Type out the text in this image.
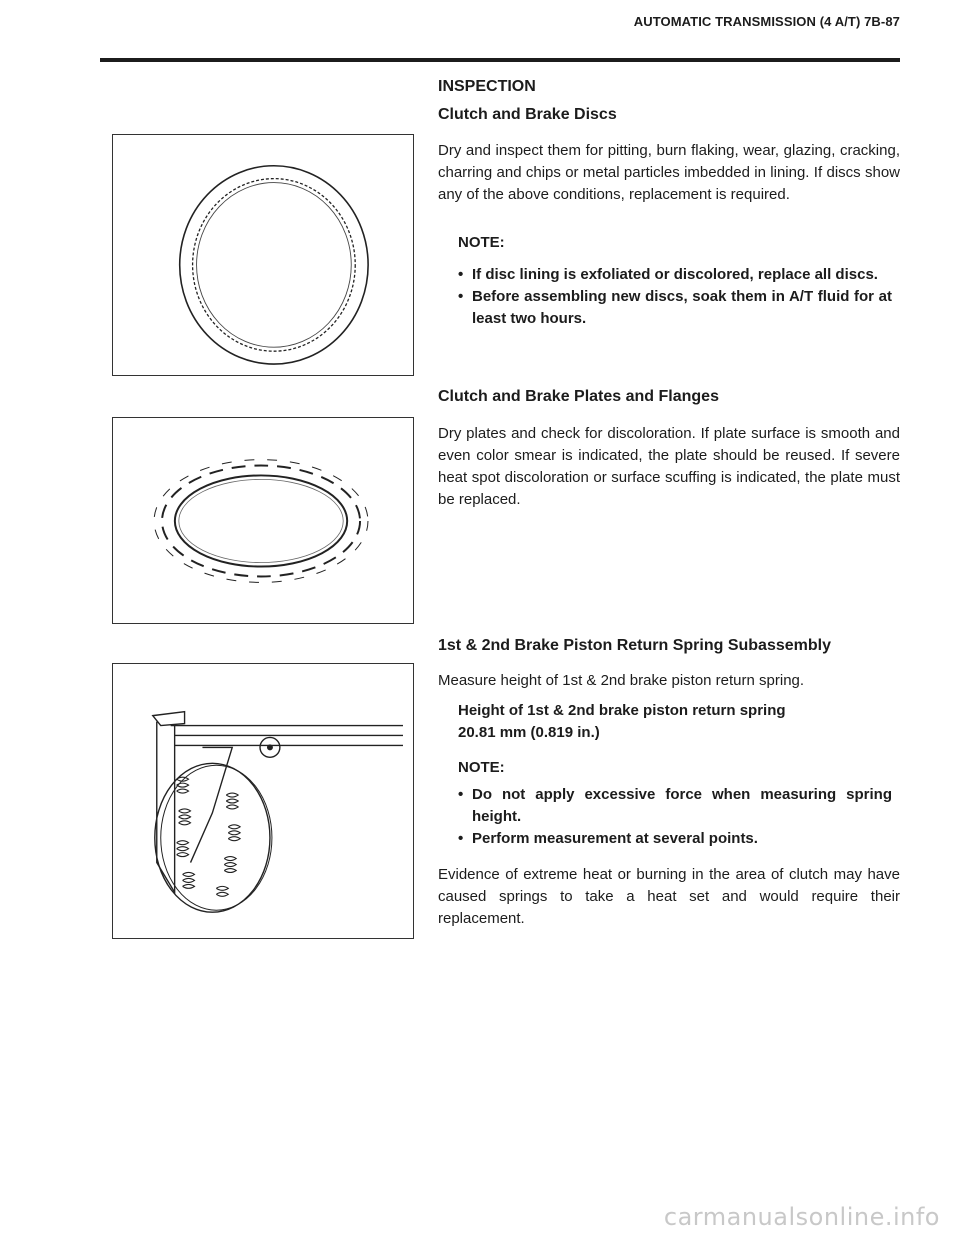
AUTOMATIC TRANSMISSION (4 A/T) 7B-87
INSPECTION
Clutch and Brake Discs
Dry and inspect them for pitting, burn flaking, wear, glazing, cracking, charring and chips or metal particles imbedded in lining. If discs show any of the above conditions, replacement is required.
NOTE:
• If disc lining is exfoliated or discolored, replace all discs.
• Before assembling new discs, soak them in A/T fluid for at least two hours.
Clutch and Brake Plates and Flanges
Dry plates and check for discoloration. If plate surface is smooth and even color smear is indicated, the plate should be reused. If severe heat spot discoloration or surface scuffing is indicated, the plate must be replaced.
1st & 2nd Brake Piston Return Spring Subassembly
Measure height of 1st & 2nd brake piston return spring.
Height of 1st & 2nd brake piston return spring
20.81 mm (0.819 in.)
NOTE:
• Do not apply excessive force when measuring spring height.
• Perform measurement at several points.
Evidence of extreme heat or burning in the area of clutch may have caused springs to take a heat set and would require their replacement.
carmanualsonline.info
